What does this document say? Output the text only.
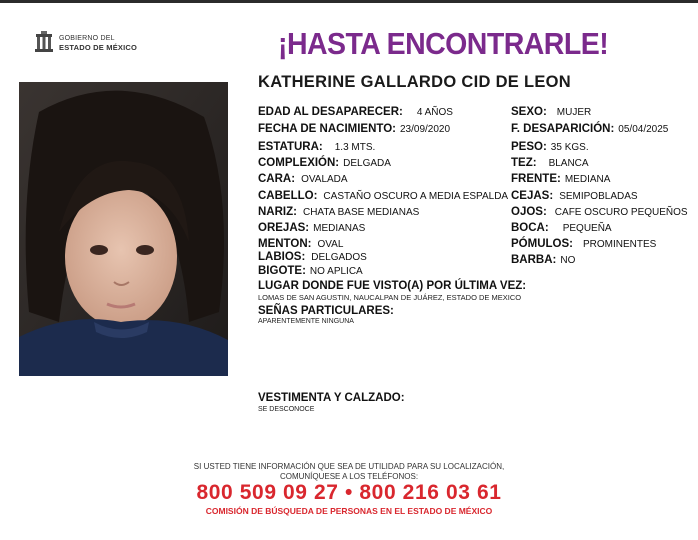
GOBIERNO DEL
ESTADO DE MÉXICO	¡HASTA ENCONTRARLE!
KATHERINE GALLARDO CID DE LEON
EDAD AL DESAPARECER: 4 AÑOS
FECHA DE NACIMIENTO: 23/09/2020
ESTATURA: 1.3 MTS.
COMPLEXIÓN: DELGADA
CARA: OVALADA
CABELLO: CASTAÑO OSCURO A MEDIA ESPALDA
NARIZ: CHATA BASE MEDIANAS
OREJAS: MEDIANAS
MENTON: OVAL
LABIOS: DELGADOS
BIGOTE: NO APLICA
SEXO: MUJER
F. DESAPARICIÓN: 05/04/2025
PESO: 35 KGS.
TEZ: BLANCA
FRENTE: MEDIANA
CEJAS: SEMIPOBLADAS
OJOS: CAFE OSCURO PEQUEÑOS
BOCA: PEQUEÑA
PÓMULOS: PROMINENTES
BARBA: NO
LUGAR DONDE FUE VISTO(A) POR ÚLTIMA VEZ:
LOMAS DE SAN AGUSTIN, NAUCALPAN DE JUÁREZ, ESTADO DE MEXICO
SEÑAS PARTICULARES:
APARENTEMENTE NINGUNA
VESTIMENTA Y CALZADO:
SE DESCONOCE
SI USTED TIENE INFORMACIÓN QUE SEA DE UTILIDAD PARA SU LOCALIZACIÓN,
COMUNÍQUESE A LOS TELÉFONOS:
800 509 09 27 • 800 216 03 61
COMISIÓN DE BÚSQUEDA DE PERSONAS EN EL ESTADO DE MÉXICO
